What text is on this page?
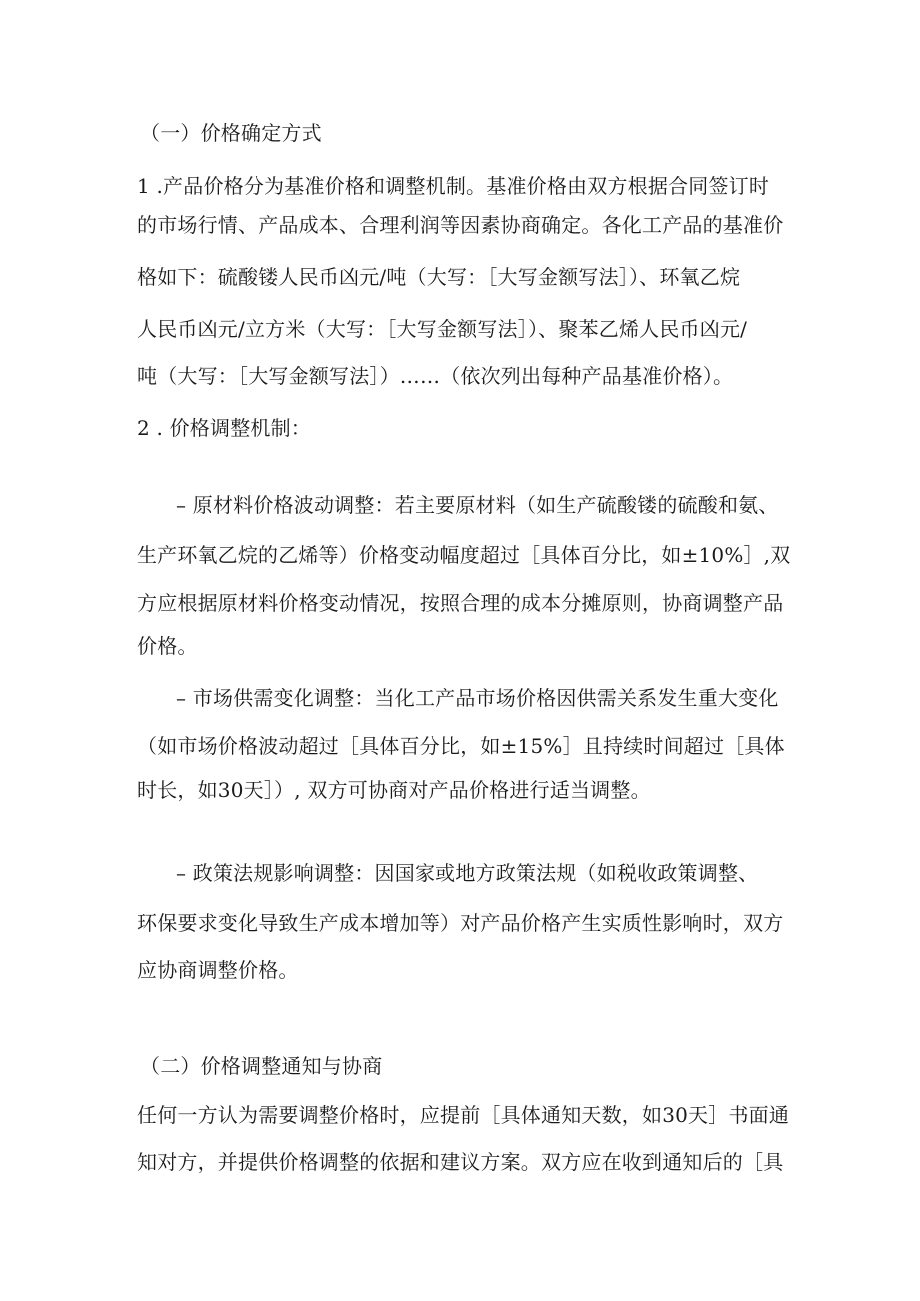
（一）价格确定方式

1 .产品价格分为基准价格和调整机制。基准价格由双方根据合同签订时

的市场行情、产品成本、合理利润等因素协商确定。各化工产品的基准价

格如下：硫酸镂人民币凶元/吨（大写：［大写金额写法］）、环氧乙烷

人民币凶元/立方米（大写：［大写金额写法］）、聚苯乙烯人民币凶元/

吨（大写：［大写金额写法］）……（依次列出每种产品基准价格）。

2 . 价格调整机制：

– 原材料价格波动调整：若主要原材料（如生产硫酸镂的硫酸和氨、

生产环氧乙烷的乙烯等）价格变动幅度超过［具体百分比，如±10%］,双

方应根据原材料价格变动情况，按照合理的成本分摊原则，协商调整产品

价格。

– 市场供需变化调整：当化工产品市场价格因供需关系发生重大变化

（如市场价格波动超过［具体百分比，如±15%］且持续时间超过［具体

时长，如30天］）, 双方可协商对产品价格进行适当调整。

– 政策法规影响调整：因国家或地方政策法规（如税收政策调整、

环保要求变化导致生产成本增加等）对产品价格产生实质性影响时，双方

应协商调整价格。

（二）价格调整通知与协商

任何一方认为需要调整价格时，应提前［具体通知天数，如30天］书面通

知对方，并提供价格调整的依据和建议方案。双方应在收到通知后的［具
